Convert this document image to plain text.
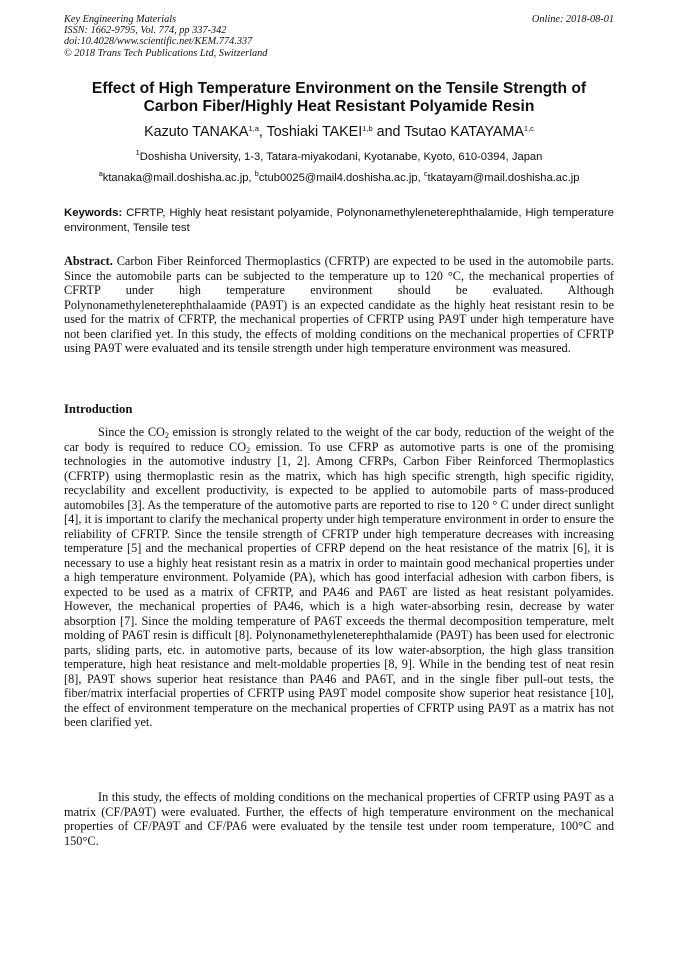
Key Engineering Materials
ISSN: 1662-9795, Vol. 774, pp 337-342
doi:10.4028/www.scientific.net/KEM.774.337
© 2018 Trans Tech Publications Ltd, Switzerland
Online: 2018-08-01
Effect of High Temperature Environment on the Tensile Strength of
Carbon Fiber/Highly Heat Resistant Polyamide Resin
Kazuto TANAKA$^{1,a}$, Toshiaki TAKEI$^{1,b}$ and Tsutao KATAYAMA$^{1,c}$
$^1$Doshisha University, 1-3, Tatara-miyakodani, Kyotanabe, Kyoto, 610-0394, Japan
$^a$ktanaka@mail.doshisha.ac.jp, $^b$ctub0025@mail4.doshisha.ac.jp, $^c$tkatayam@mail.doshisha.ac.jp
Keywords: CFRTP, Highly heat resistant polyamide, Polynonamethyleneterephthalamide, High temperature environment, Tensile test
Abstract. Carbon Fiber Reinforced Thermoplastics (CFRTP) are expected to be used in the automobile parts. Since the automobile parts can be subjected to the temperature up to 120 °C, the mechanical properties of CFRTP under high temperature environment should be evaluated. Although Polynonamethyleneterephthalaamide (PA9T) is an expected candidate as the highly heat resistant resin to be used for the matrix of CFRTP, the mechanical properties of CFRTP using PA9T under high temperature have not been clarified yet. In this study, the effects of molding conditions on the mechanical properties of CFRTP using PA9T were evaluated and its tensile strength under high temperature environment was measured.
Introduction
Since the $CO_2$ emission is strongly related to the weight of the car body, reduction of the weight of the car body is required to reduce $CO_2$ emission. To use CFRP as automotive parts is one of the promising technologies in the automotive industry [1, 2]. Among CFRPs, Carbon Fiber Reinforced Thermoplastics (CFRTP) using thermoplastic resin as the matrix, which has high specific strength, high specific rigidity, recyclability and excellent productivity, is expected to be applied to automobile parts of mass-produced automobiles [3]. As the temperature of the automotive parts are reported to rise to 120 ° C under direct sunlight [4], it is important to clarify the mechanical property under high temperature environment in order to ensure the reliability of CFRTP. Since the tensile strength of CFRTP under high temperature decreases with increasing temperature [5] and the mechanical properties of CFRP depend on the heat resistance of the matrix [6], it is necessary to use a highly heat resistant resin as a matrix in order to maintain good mechanical properties under a high temperature environment. Polyamide (PA), which has good interfacial adhesion with carbon fibers, is expected to be used as a matrix of CFRTP, and PA46 and PA6T are listed as heat resistant polyamides. However, the mechanical properties of PA46, which is a high water-absorbing resin, decrease by water absorption [7]. Since the molding temperature of PA6T exceeds the thermal decomposition temperature, melt molding of PA6T resin is difficult [8]. Polynonamethyleneterephthalamide (PA9T) has been used for electronic parts, sliding parts, etc. in automotive parts, because of its low water-absorption, the high glass transition temperature, high heat resistance and melt-moldable properties [8, 9]. While in the bending test of neat resin [8], PA9T shows superior heat resistance than PA46 and PA6T, and in the single fiber pull-out tests, the fiber/matrix interfacial properties of CFRTP using PA9T model composite show superior heat resistance [10], the effect of environment temperature on the mechanical properties of CFRTP using PA9T as a matrix has not been clarified yet.
In this study, the effects of molding conditions on the mechanical properties of CFRTP using PA9T as a matrix (CF/PA9T) were evaluated. Further, the effects of high temperature environment on the mechanical properties of CF/PA9T and CF/PA6 were evaluated by the tensile test under room temperature, 100°C and 150°C.
